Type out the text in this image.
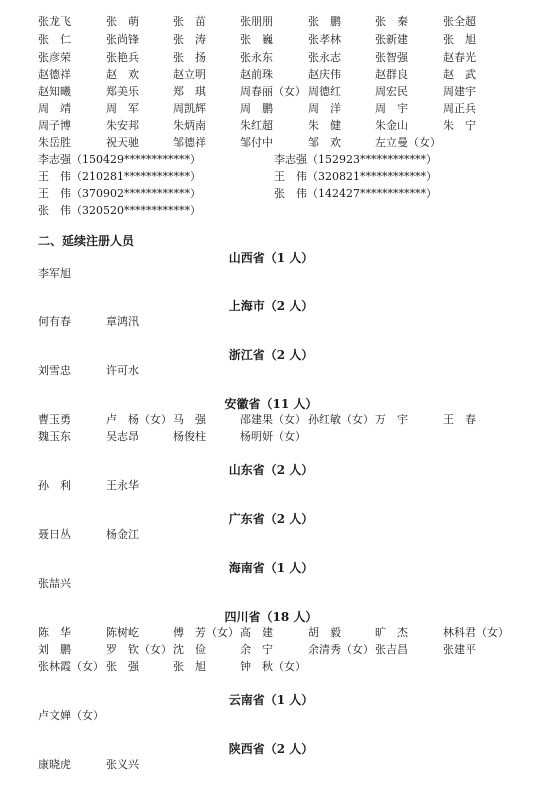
张龙飞	张　萌	张　苗	张朋朋	张　鹏	张　秦	张全超
张　仁	张尚锋	张　涛	张　巍	张孝林	张新建	张　旭
张彦荣	张艳兵	张　扬	张永东	张永志	张智强	赵春光
赵德祥	赵　欢	赵立明	赵前珠	赵庆伟	赵群良	赵　武
赵知曦	郑美乐	郑　琪	周春丽（女） 周德红	周宏民	周建宇
周　靖	周　军	周凯辉	周　鹏	周　洋	周　宇	周正兵
周子博	朱安邦	朱炳南	朱红超	朱　健	朱金山	朱　宁
朱岳胜	祝天驰	邹德祥	邹付中	邹　欢	左立曼（女）
李志强（150429************）	李志强（152923************）
王　伟（210281************）	王　伟（320821************）
王　伟（370902************）	张　伟（142427************）
张　伟（320520************）
二、延续注册人员
山西省（1 人）
李军旭
上海市（2 人）
何有春	章鸿汛
浙江省（2 人）
刘雪忠	许可水
安徽省（11 人）
曹玉勇	卢　杨（女） 马　强	邵建果（女） 孙红敏（女） 万　宇	王　春
魏玉东	吴志昂	杨俊柱	杨明妍（女）
山东省（2 人）
孙　利	王永华
广东省（2 人）
聂日丛	杨金江
海南省（1 人）
张喆兴
四川省（18 人）
陈　华	陈树屹	傅　芳（女） 高　建	胡　毅	旷　杰	林科君（女）
刘　鹏	罗　钦（女） 沈　俭	余　宁	余清秀（女） 张吉昌	张建平
张林霞（女） 张　强	张　旭	钟　秋（女）
云南省（1 人）
卢文婵（女）
陕西省（2 人）
康晓虎	张义兴
